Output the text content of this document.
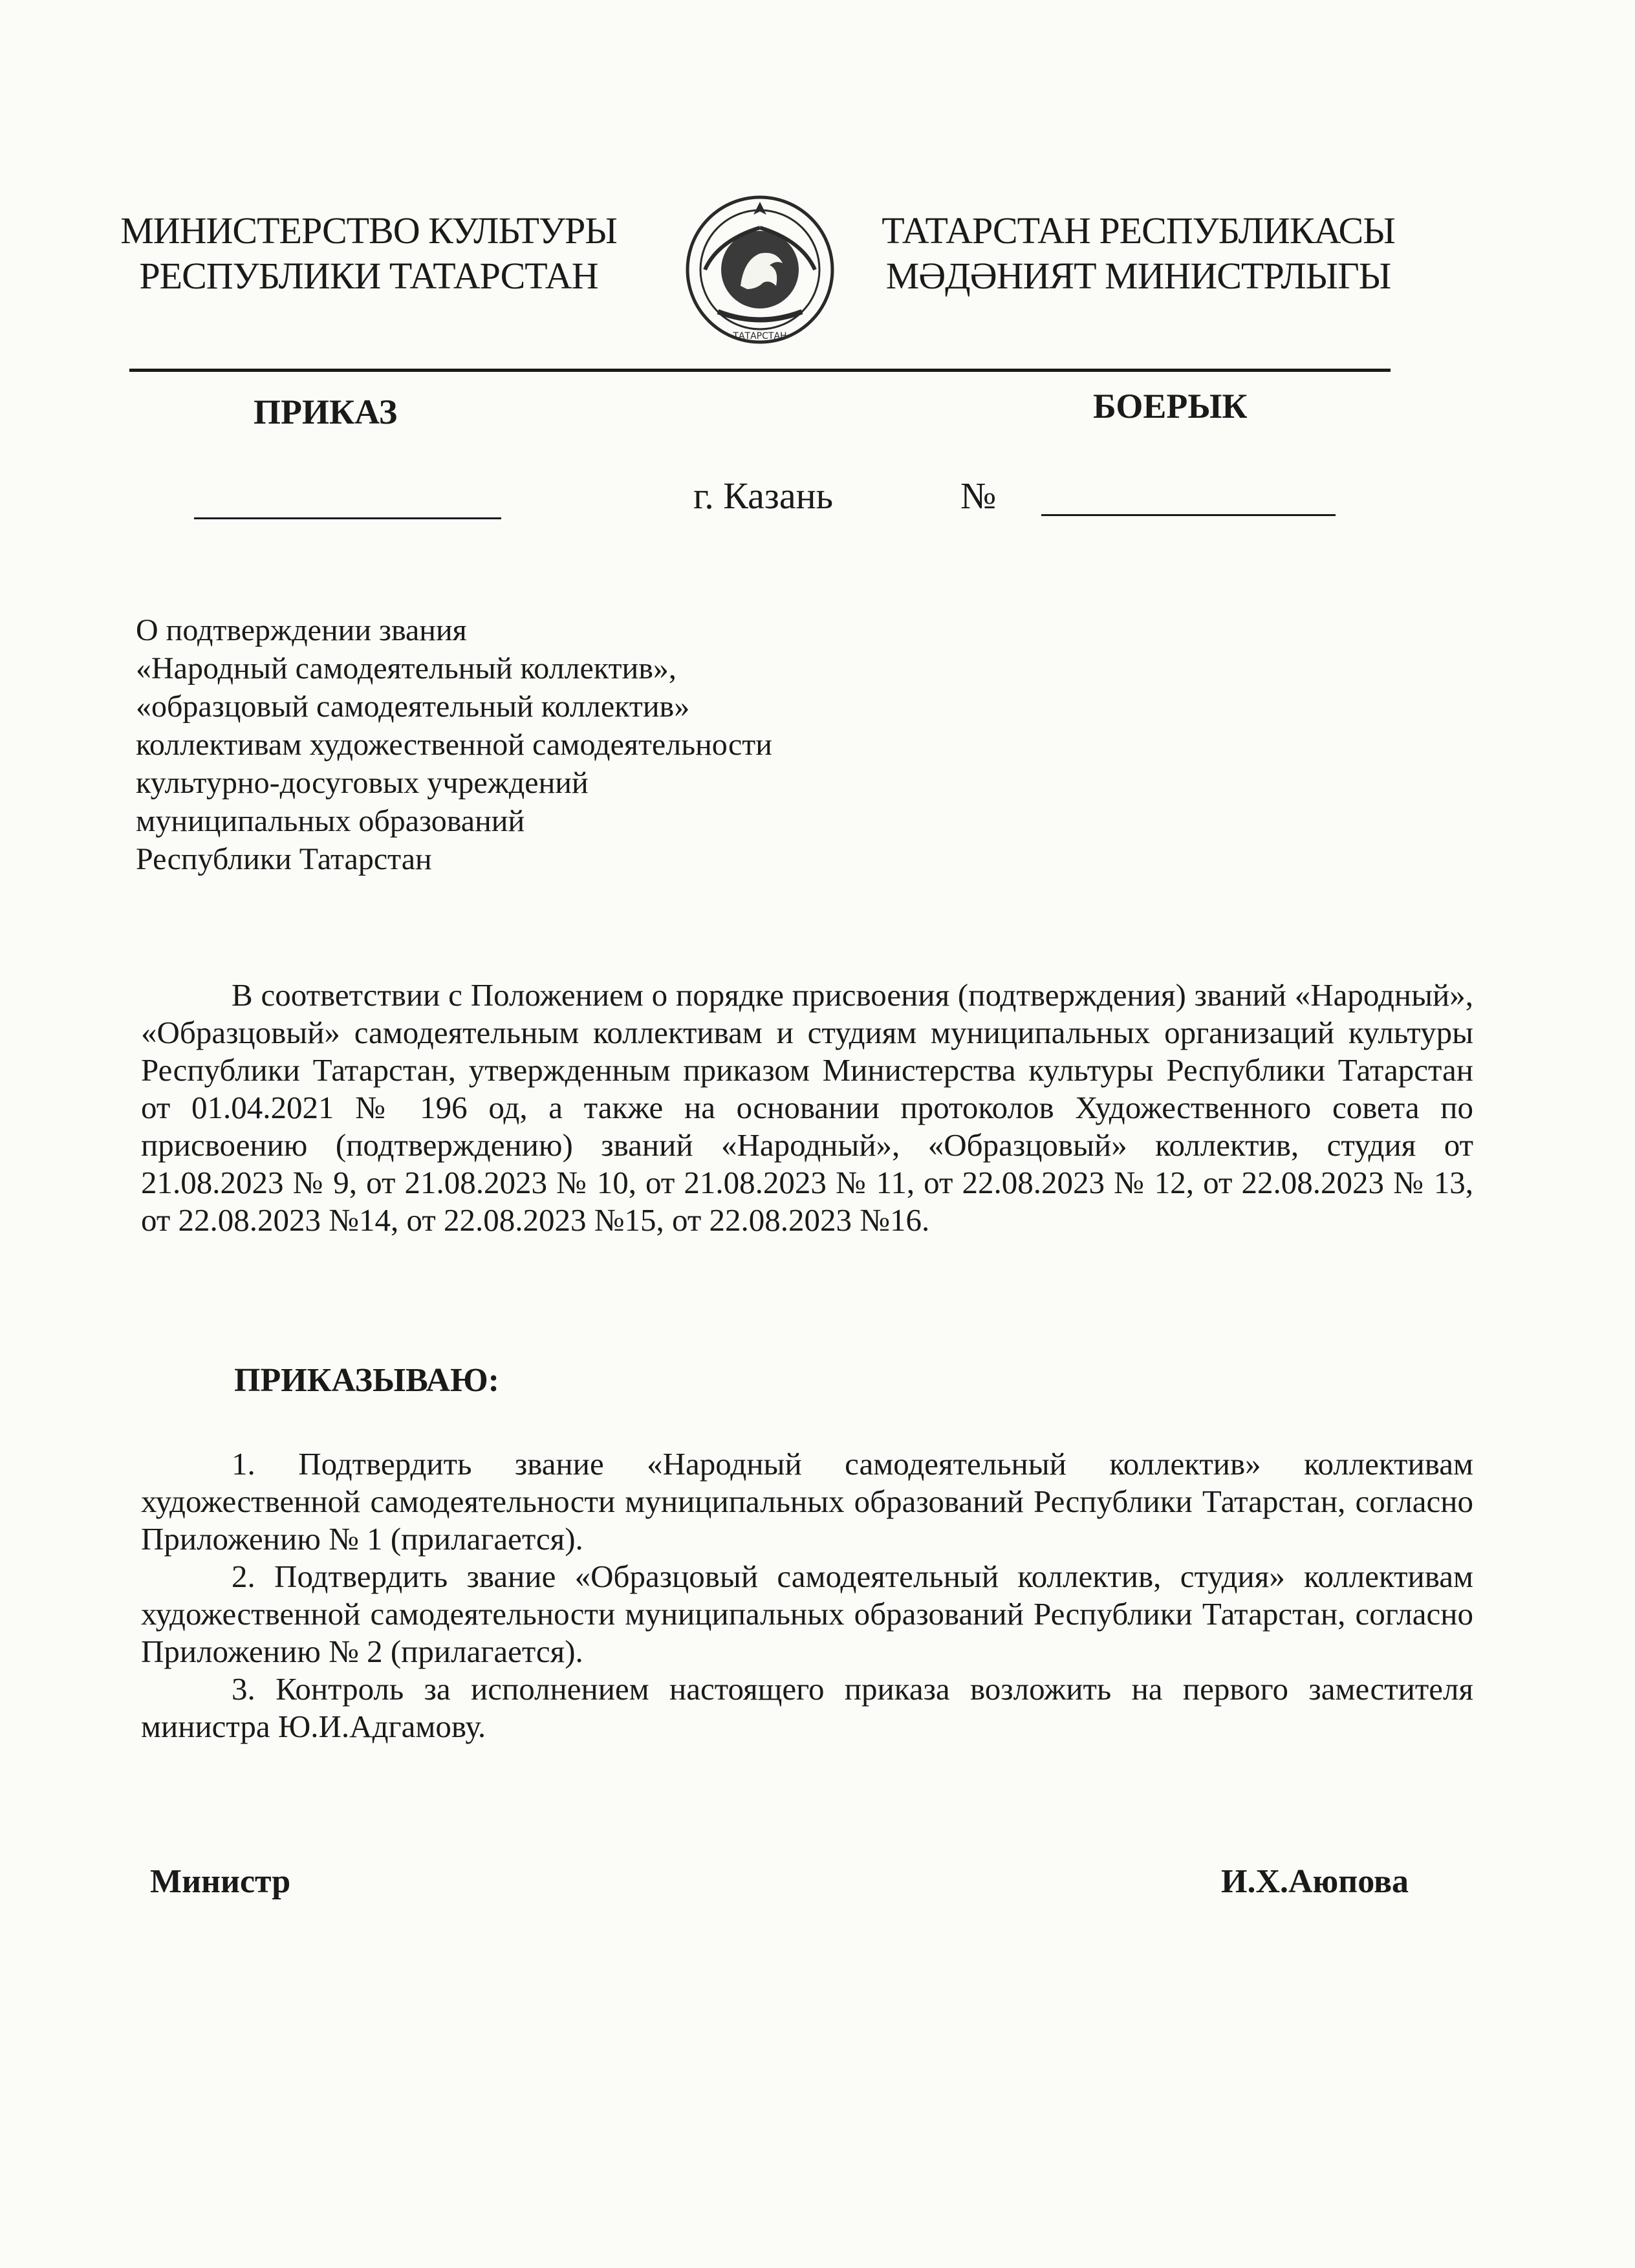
МИНИСТЕРСТВО КУЛЬТУРЫ
РЕСПУБЛИКИ ТАТАРСТАН
ТАТАРСТАН
ТАТАРСТАН РЕСПУБЛИКАСЫ
МӘДӘНИЯТ МИНИСТРЛЫГЫ
ПРИКАЗ	БОЕРЫК
г. Казань	№
О подтверждении звания
«Народный самодеятельный коллектив»,
«образцовый самодеятельный коллектив»
коллективам художественной самодеятельности
культурно-досуговых учреждений
муниципальных образований
Республики Татарстан

В соответствии с Положением о порядке присвоения (подтверждения) званий «Народный», «Образцовый» самодеятельным коллективам и студиям муниципальных организаций культуры Республики Татарстан, утвержденным приказом Министерства культуры Республики Татарстан от 01.04.2021 № 196 од, а также на основании протоколов Художественного совета по присвоению (подтверждению) званий «Народный», «Образцовый» коллектив, студия от 21.08.2023 № 9, от 21.08.2023 № 10, от 21.08.2023 № 11, от 22.08.2023 № 12, от 22.08.2023 № 13, от 22.08.2023 №14, от 22.08.2023 №15, от 22.08.2023 №16.

ПРИКАЗЫВАЮ:

1. Подтвердить звание «Народный самодеятельный коллектив» коллективам художественной самодеятельности муниципальных образований Республики Татарстан, согласно Приложению № 1 (прилагается).

2. Подтвердить звание «Образцовый самодеятельный коллектив, студия» коллективам художественной самодеятельности муниципальных образований Республики Татарстан, согласно Приложению № 2 (прилагается).

3. Контроль за исполнением настоящего приказа возложить на первого заместителя министра Ю.И.Адгамову.

Министр	И.Х.Аюпова
